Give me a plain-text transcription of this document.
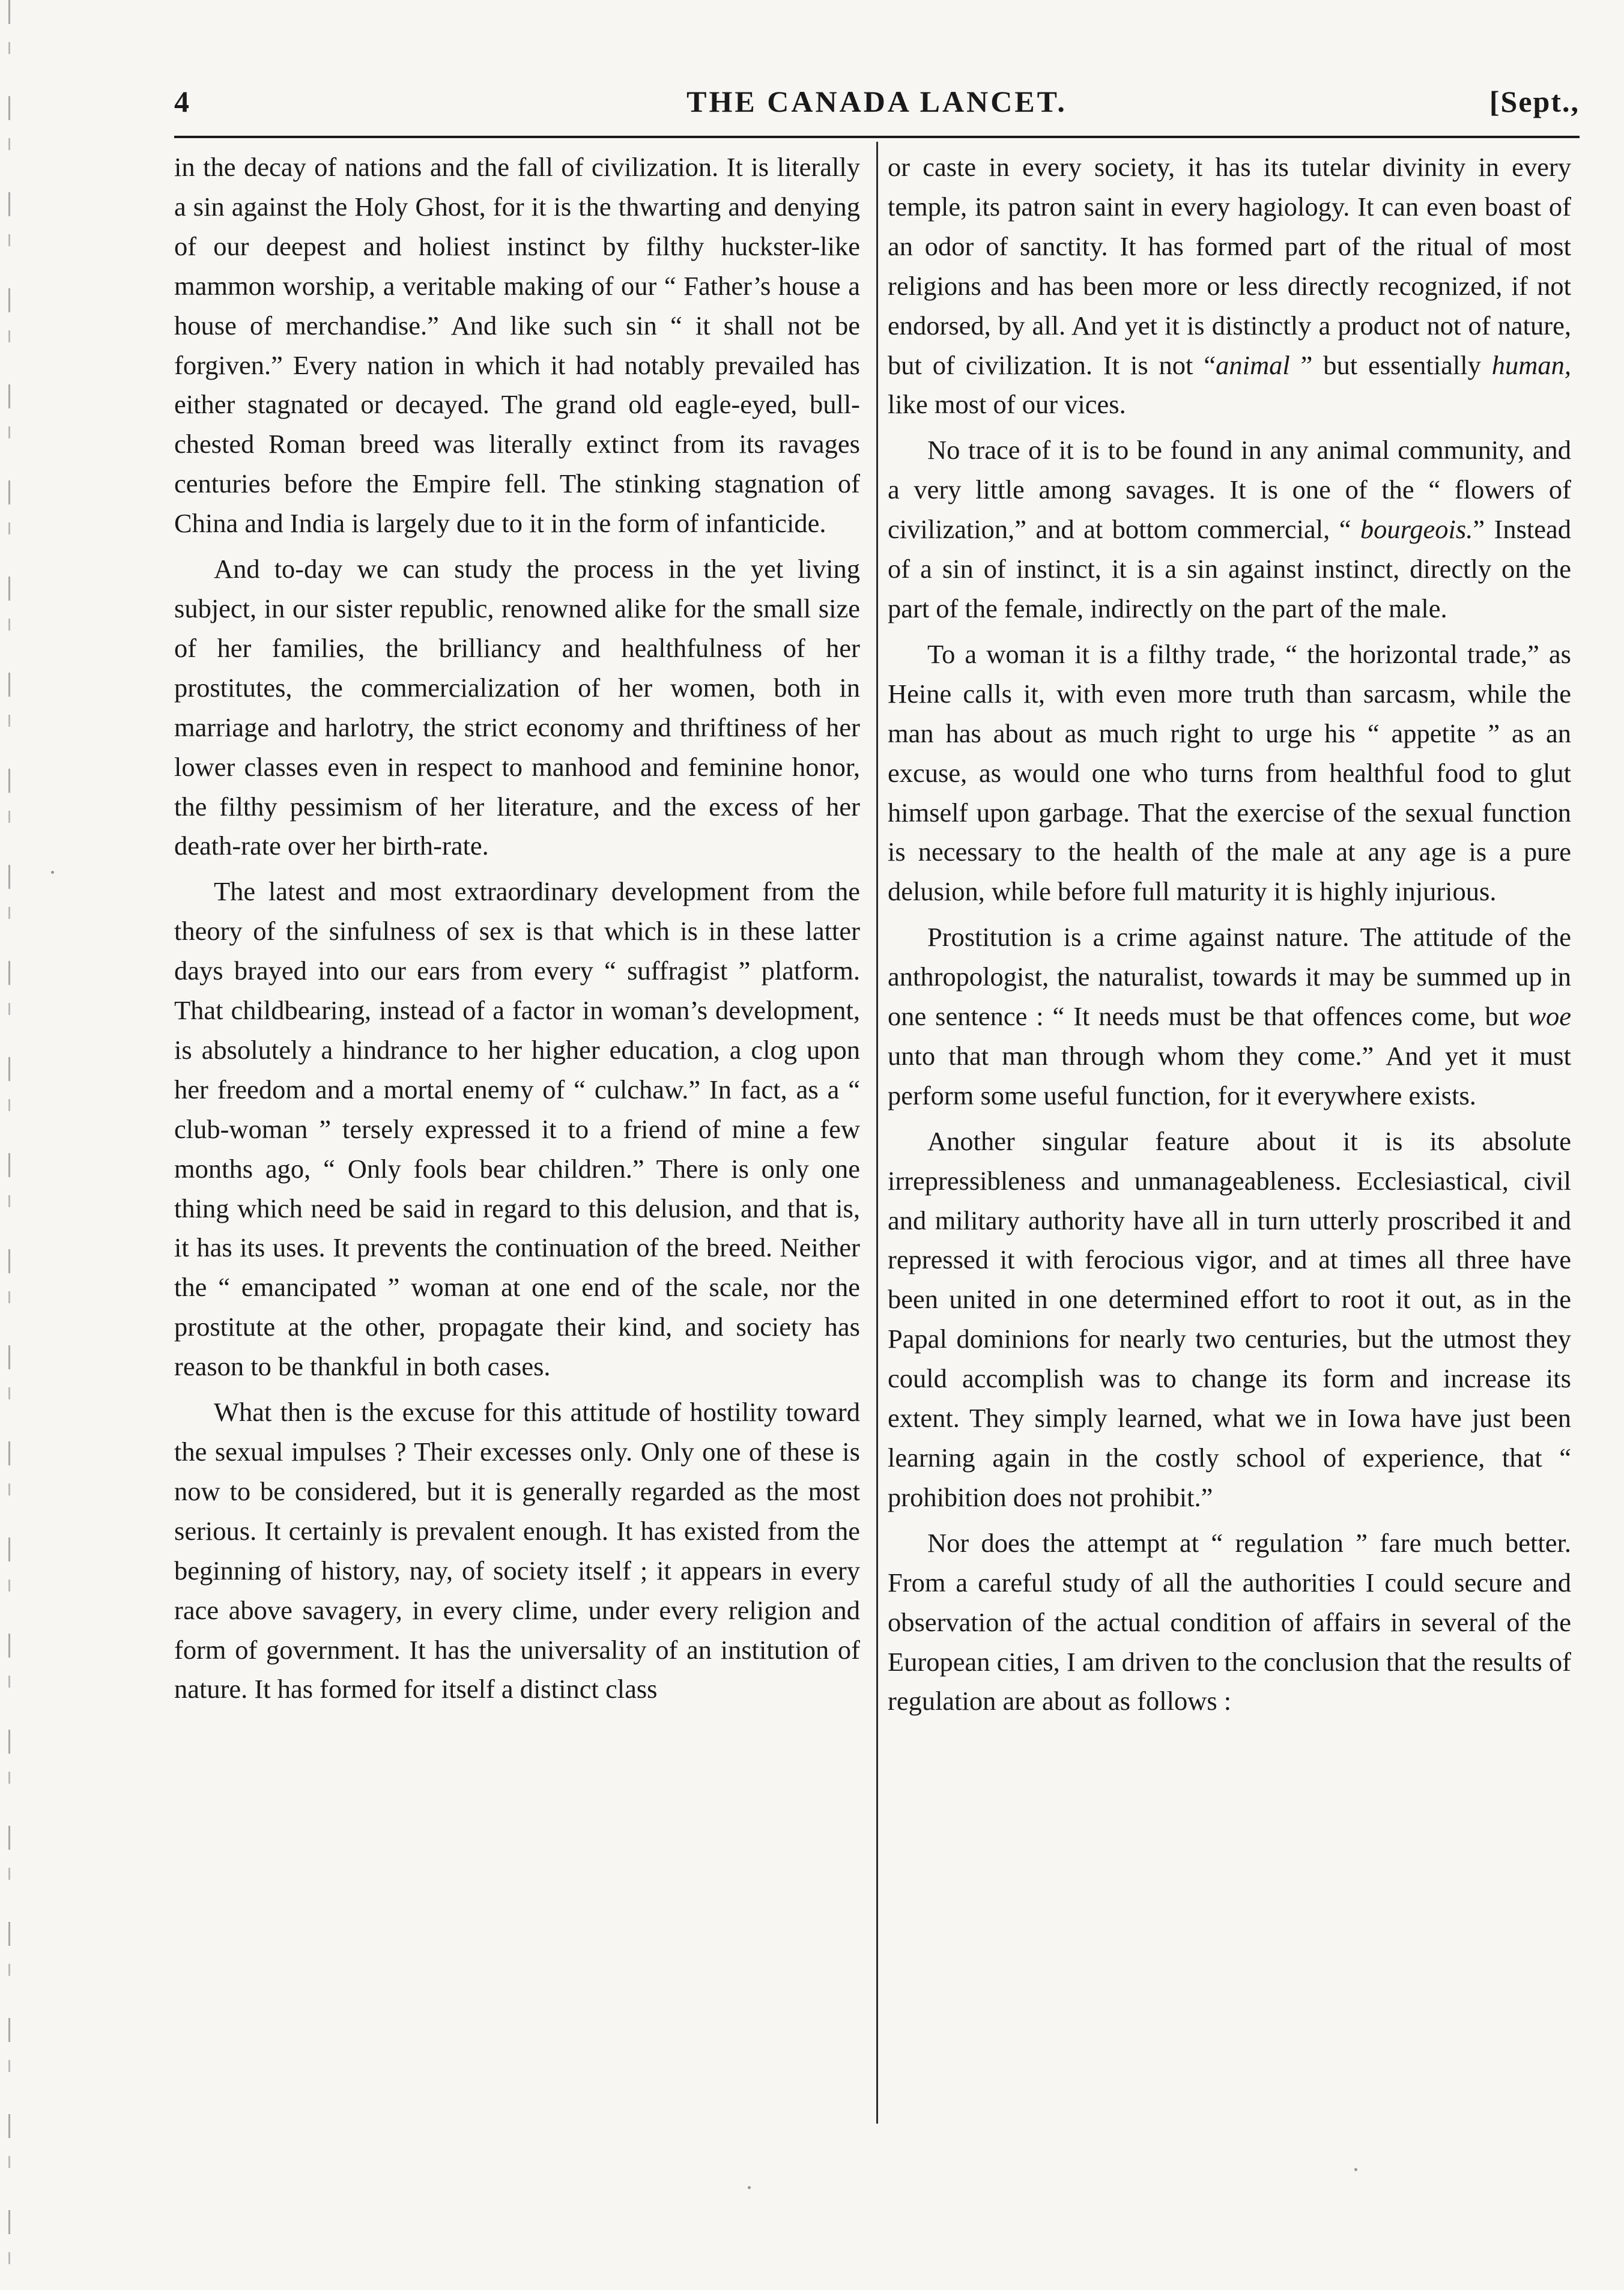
4	THE CANADA LANCET.	[Sept.,

in the decay of nations and the fall of civilization. It is literally a sin against the Holy Ghost, for it is the thwarting and denying of our deepest and holiest instinct by filthy huckster-like mammon worship, a veritable making of our “ Father’s house a house of merchandise.” And like such sin “ it shall not be forgiven.” Every nation in which it had notably prevailed has either stagnated or decayed. The grand old eagle-eyed, bull-chested Roman breed was literally extinct from its ravages centuries before the Empire fell. The stinking stagnation of China and India is largely due to it in the form of infanticide.

And to-day we can study the process in the yet living subject, in our sister republic, renowned alike for the small size of her families, the brilliancy and healthfulness of her prostitutes, the commercialization of her women, both in marriage and harlotry, the strict economy and thriftiness of her lower classes even in respect to manhood and feminine honor, the filthy pessimism of her literature, and the excess of her death-rate over her birth-rate.

The latest and most extraordinary development from the theory of the sinfulness of sex is that which is in these latter days brayed into our ears from every “ suffragist ” platform. That childbearing, instead of a factor in woman’s development, is absolutely a hindrance to her higher education, a clog upon her freedom and a mortal enemy of “ culchaw.” In fact, as a “ club-woman ” tersely expressed it to a friend of mine a few months ago, “ Only fools bear children.” There is only one thing which need be said in regard to this delusion, and that is, it has its uses. It prevents the continuation of the breed. Neither the “ emancipated ” woman at one end of the scale, nor the prostitute at the other, propagate their kind, and society has reason to be thankful in both cases.

What then is the excuse for this attitude of hostility toward the sexual impulses ? Their excesses only. Only one of these is now to be considered, but it is generally regarded as the most serious. It certainly is prevalent enough. It has existed from the beginning of history, nay, of society itself ; it appears in every race above savagery, in every clime, under every religion and form of government. It has the universality of an institution of nature. It has formed for itself a distinct class

or caste in every society, it has its tutelar divinity in every temple, its patron saint in every hagiology. It can even boast of an odor of sanctity. It has formed part of the ritual of most religions and has been more or less directly recognized, if not endorsed, by all. And yet it is distinctly a product not of nature, but of civilization. It is not “animal ” but essentially human, like most of our vices.

No trace of it is to be found in any animal community, and a very little among savages. It is one of the “ flowers of civilization,” and at bottom commercial, “ bourgeois.” Instead of a sin of instinct, it is a sin against instinct, directly on the part of the female, indirectly on the part of the male.

To a woman it is a filthy trade, “ the horizontal trade,” as Heine calls it, with even more truth than sarcasm, while the man has about as much right to urge his “ appetite ” as an excuse, as would one who turns from healthful food to glut himself upon garbage. That the exercise of the sexual function is necessary to the health of the male at any age is a pure delusion, while before full maturity it is highly injurious.

Prostitution is a crime against nature. The attitude of the anthropologist, the naturalist, towards it may be summed up in one sentence : “ It needs must be that offences come, but woe unto that man through whom they come.” And yet it must perform some useful function, for it everywhere exists.

Another singular feature about it is its absolute irrepressibleness and unmanageableness. Ecclesiastical, civil and military authority have all in turn utterly proscribed it and repressed it with ferocious vigor, and at times all three have been united in one determined effort to root it out, as in the Papal dominions for nearly two centuries, but the utmost they could accomplish was to change its form and increase its extent. They simply learned, what we in Iowa have just been learning again in the costly school of experience, that “ prohibition does not prohibit.”

Nor does the attempt at “ regulation ” fare much better. From a careful study of all the authorities I could secure and observation of the actual condition of affairs in several of the European cities, I am driven to the conclusion that the results of regulation are about as follows :
